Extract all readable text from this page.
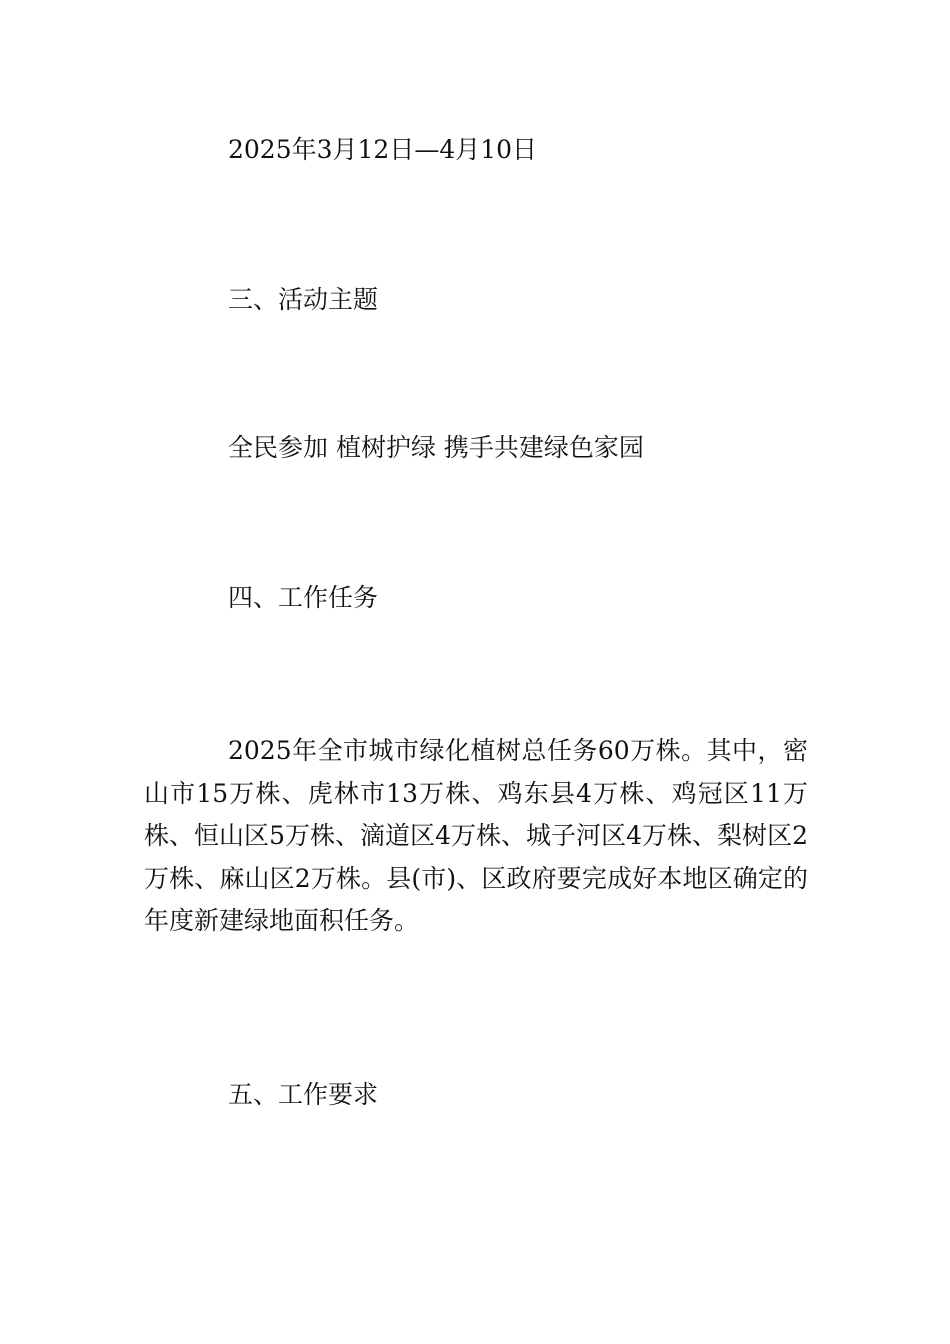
2025年3月12日—4月10日

三、活动主题

全民参加 植树护绿 携手共建绿色家园

四、工作任务

2025年全市城市绿化植树总任务60万株。其中，密山市15万株、虎林市13万株、鸡东县4万株、鸡冠区11万株、恒山区5万株、滴道区4万株、城子河区4万株、梨树区2万株、麻山区2万株。县(市)、区政府要完成好本地区确定的年度新建绿地面积任务。

五、工作要求
